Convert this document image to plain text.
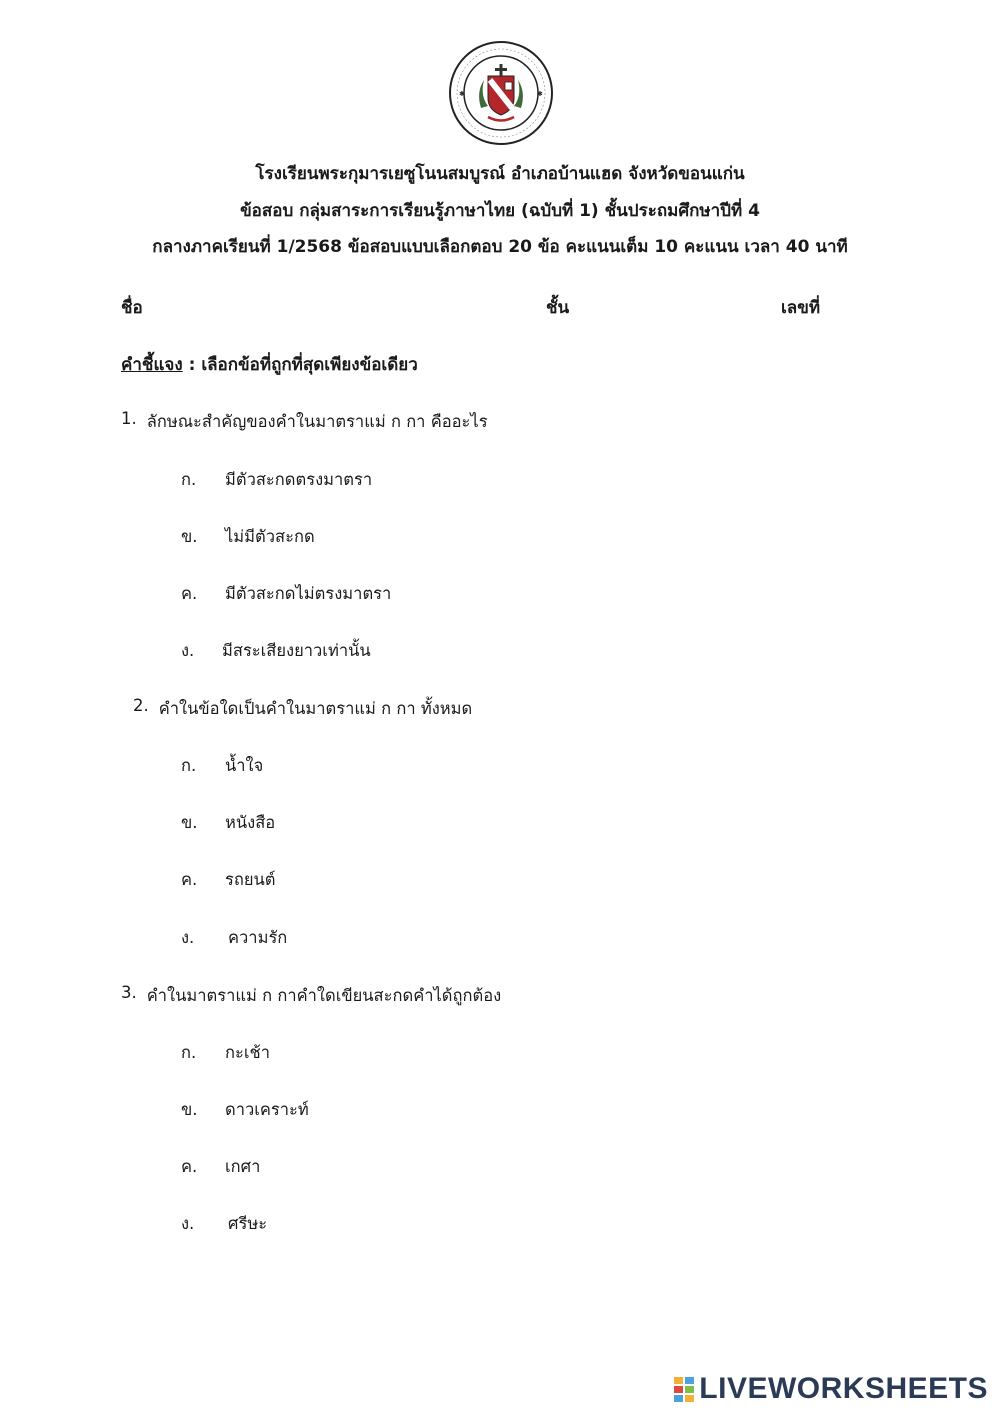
✱	✱
โรงเรียนพระกุมารเยซูโนนสมบูรณ์ อำเภอบ้านแฮด จังหวัดขอนแก่น
ข้อสอบ กลุ่มสาระการเรียนรู้ภาษาไทย (ฉบับที่ 1) ชั้นประถมศึกษาปีที่ 4
กลางภาคเรียนที่ 1/2568 ข้อสอบแบบเลือกตอบ 20 ข้อ คะแนนเต็ม 10 คะแนน เวลา 40 นาที
ชื่อ	ชั้น	เลขที่
คำชี้แจง : เลือกข้อที่ถูกที่สุดเพียงข้อเดียว
1. ลักษณะสำคัญของคำในมาตราแม่ ก กา คืออะไร
ก. มีตัวสะกดตรงมาตรา
ข. ไม่มีตัวสะกด
ค. มีตัวสะกดไม่ตรงมาตรา
ง. มีสระเสียงยาวเท่านั้น
2. คำในข้อใดเป็นคำในมาตราแม่ ก กา ทั้งหมด
ก. น้ำใจ
ข. หนังสือ
ค. รถยนต์
ง. ความรัก
3. คำในมาตราแม่ ก กาคำใดเขียนสะกดคำได้ถูกต้อง
ก. กะเช้า
ข. ดาวเคราะท์
ค. เกศา
ง. ศรีษะ
LIVEWORKSHEETS
